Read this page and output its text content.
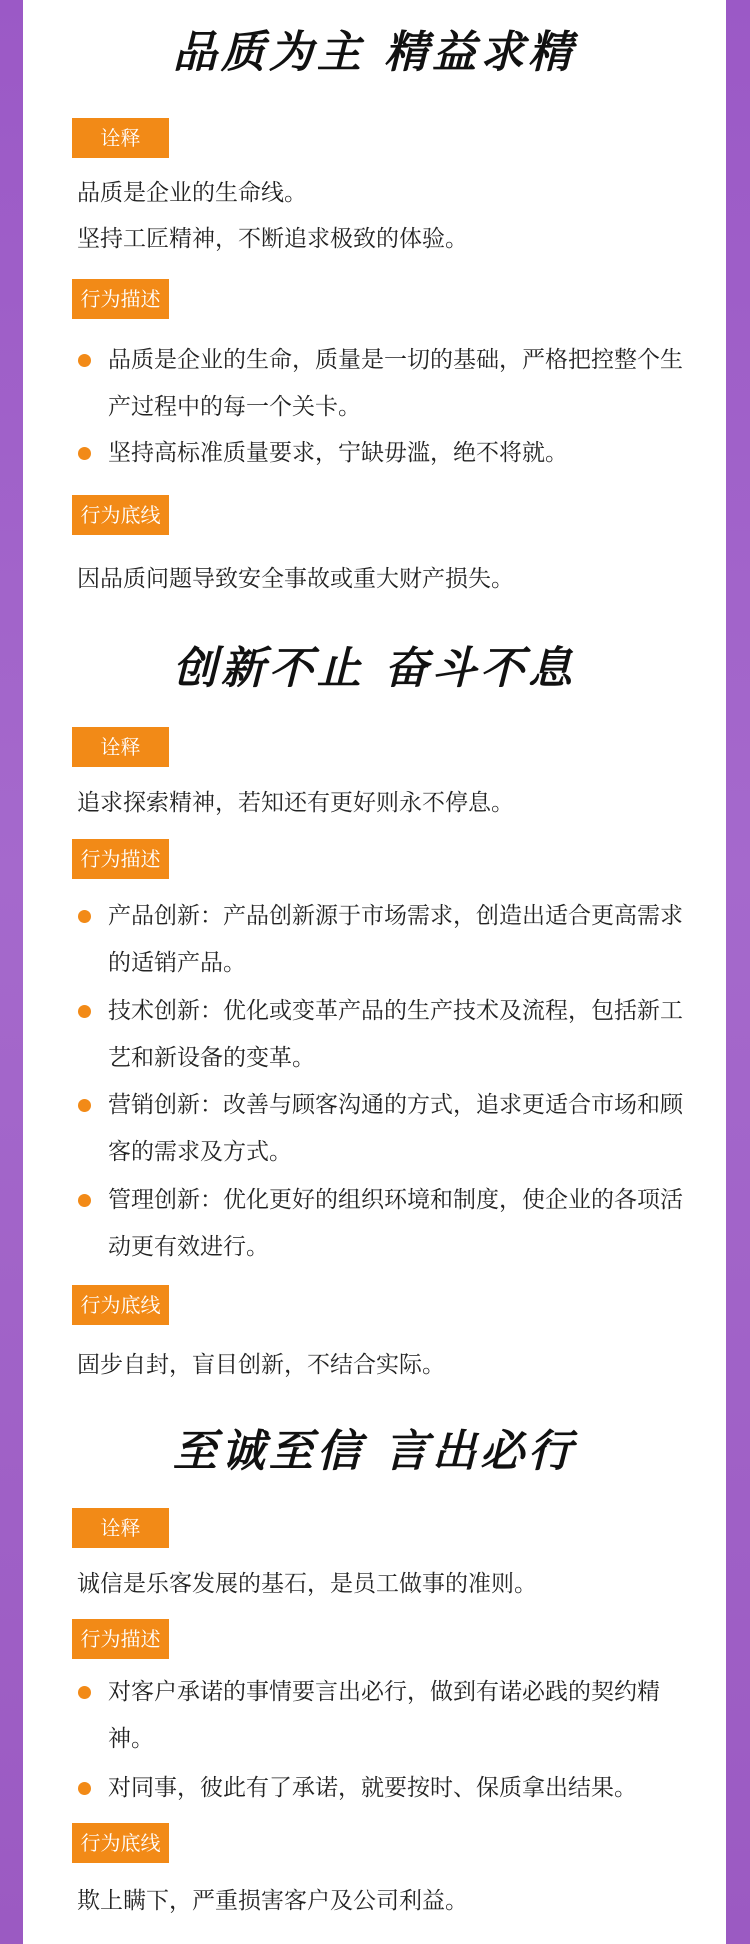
品质为主 精益求精
诠释
品质是企业的生命线。
坚持工匠精神，不断追求极致的体验。
行为描述
品质是企业的生命，质量是一切的基础，严格把控整个生产过程中的每一个关卡。
坚持高标准质量要求，宁缺毋滥，绝不将就。
行为底线
因品质问题导致安全事故或重大财产损失。
创新不止 奋斗不息
诠释
追求探索精神，若知还有更好则永不停息。
行为描述
产品创新：产品创新源于市场需求，创造出适合更高需求的适销产品。
技术创新：优化或变革产品的生产技术及流程，包括新工艺和新设备的变革。
营销创新：改善与顾客沟通的方式，追求更适合市场和顾客的需求及方式。
管理创新：优化更好的组织环境和制度，使企业的各项活动更有效进行。
行为底线
固步自封，盲目创新，不结合实际。
至诚至信 言出必行
诠释
诚信是乐客发展的基石，是员工做事的准则。
行为描述
对客户承诺的事情要言出必行，做到有诺必践的契约精神。
对同事，彼此有了承诺，就要按时、保质拿出结果。
行为底线
欺上瞒下，严重损害客户及公司利益。
